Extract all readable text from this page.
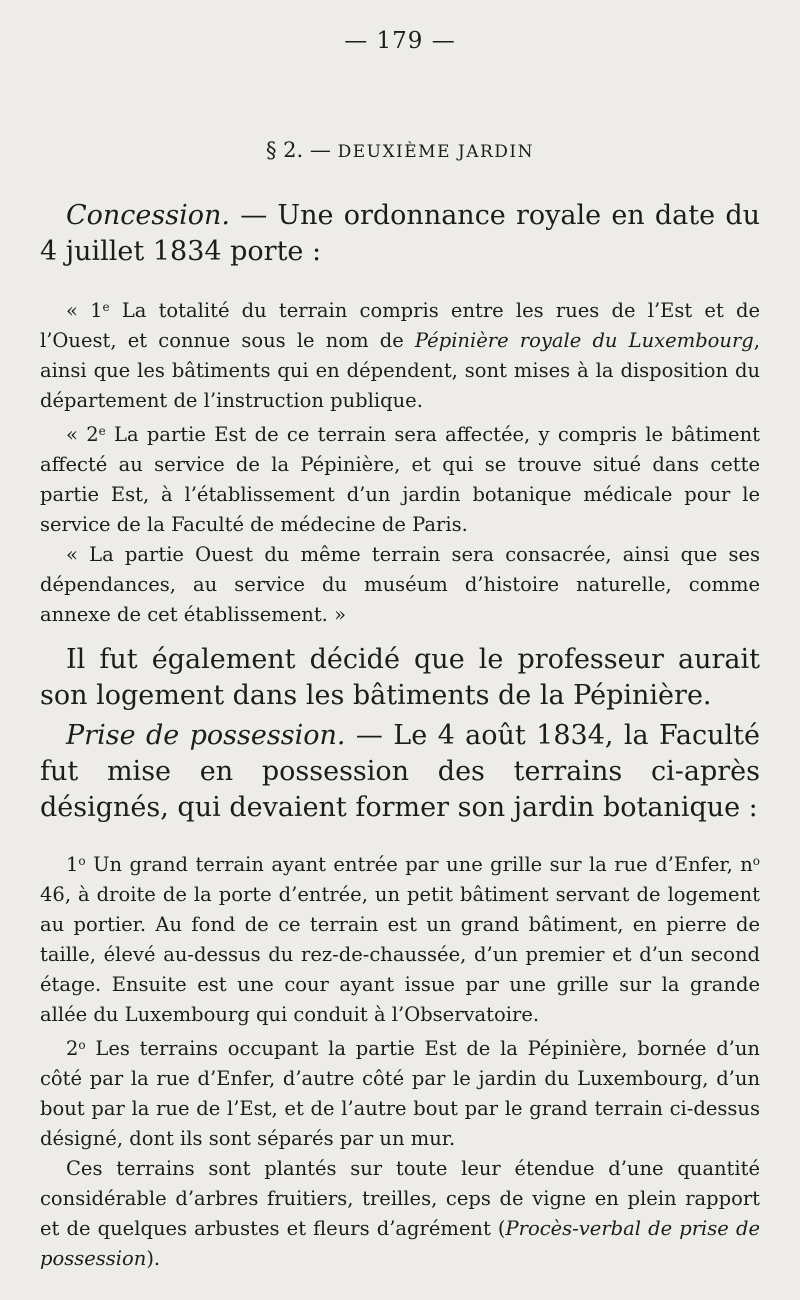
— 179 —
§ 2. — DEUXIÈME JARDIN

Concession. — Une ordonnance royale en date du 4 juillet 1834 porte :

« 1e La totalité du terrain compris entre les rues de l’Est et de l’Ouest, et connue sous le nom de Pépinière royale du Luxembourg, ainsi que les bâtiments qui en dépendent, sont mises à la disposition du département de l’instruction publique.

« 2e La partie Est de ce terrain sera affectée, y compris le bâtiment affecté au service de la Pépinière, et qui se trouve situé dans cette partie Est, à l’établissement d’un jardin botanique médicale pour le service de la Faculté de médecine de Paris.

« La partie Ouest du même terrain sera consacrée, ainsi que ses dépendances, au service du muséum d’histoire naturelle, comme annexe de cet établissement. »

Il fut également décidé que le professeur aurait son logement dans les bâtiments de la Pépinière.

Prise de possession. — Le 4 août 1834, la Faculté fut mise en possession des terrains ci-après désignés, qui devaient former son jardin botanique :

1$^o$ Un grand terrain ayant entrée par une grille sur la rue d’Enfer, $n^o$ 46, à droite de la porte d’entrée, un petit bâtiment servant de logement au portier. Au fond de ce terrain est un grand bâtiment, en pierre de taille, élevé au-dessus du rez-de-chaussée, d’un premier et d’un second étage. Ensuite est une cour ayant issue par une grille sur la grande allée du Luxembourg qui conduit à l’Observatoire.

2$^o$ Les terrains occupant la partie Est de la Pépinière, bornée d’un côté par la rue d’Enfer, d’autre côté par le jardin du Luxembourg, d’un bout par la rue de l’Est, et de l’autre bout par le grand terrain ci-dessus désigné, dont ils sont séparés par un mur.

Ces terrains sont plantés sur toute leur étendue d’une quantité considérable d’arbres fruitiers, treilles, ceps de vigne en plein rapport et de quelques arbustes et fleurs d’agrément (Procès-verbal de prise de possession).
